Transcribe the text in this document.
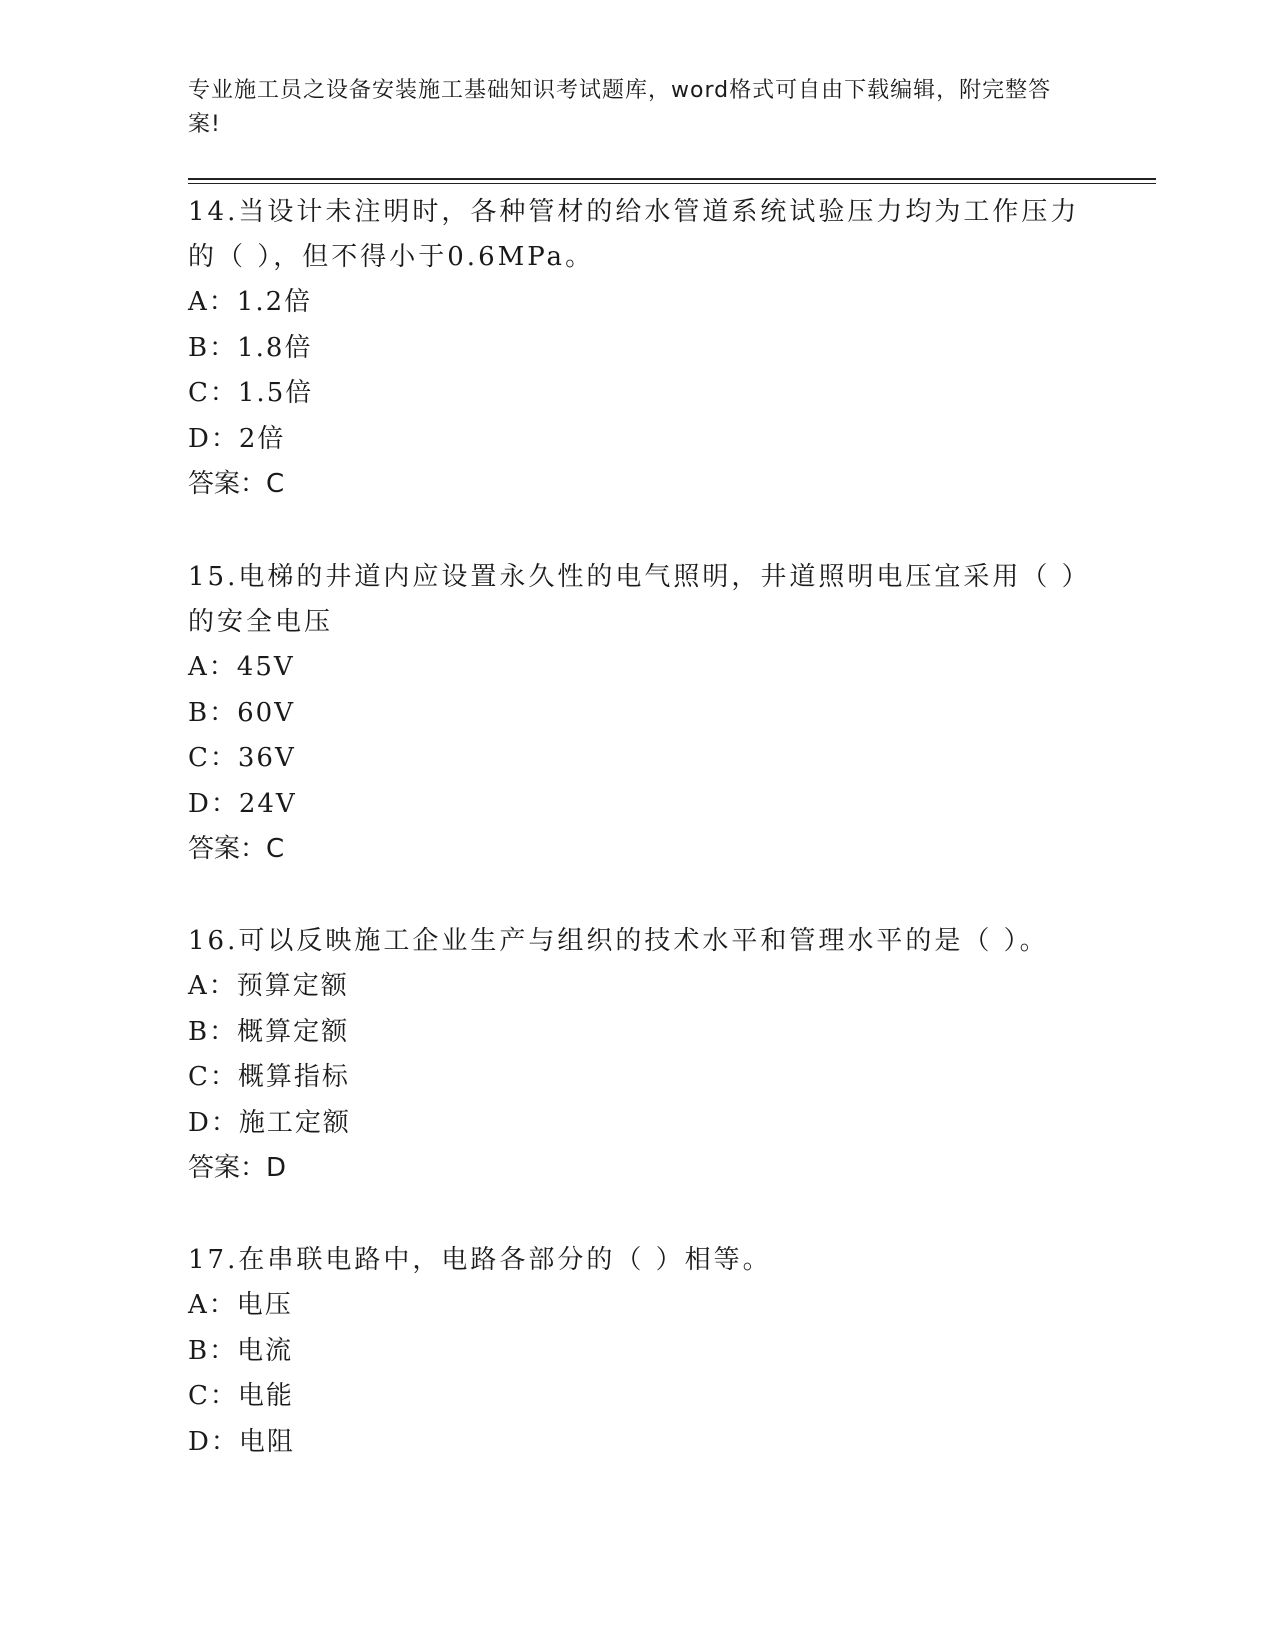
专业施工员之设备安装施工基础知识考试题库，word格式可自由下载编辑，附完整答案!
14.当设计未注明时，各种管材的给水管道系统试验压力均为工作压力的（ ），但不得小于0.6MPa。
A：1.2倍
B：1.8倍
C：1.5倍
D：2倍
答案：C
15.电梯的井道内应设置永久性的电气照明，井道照明电压宜采用（ ）的安全电压
A：45V
B：60V
C：36V
D：24V
答案：C
16.可以反映施工企业生产与组织的技术水平和管理水平的是（ ）。
A：预算定额
B：概算定额
C：概算指标
D：施工定额
答案：D
17.在串联电路中，电路各部分的（ ）相等。
A：电压
B：电流
C：电能
D：电阻
